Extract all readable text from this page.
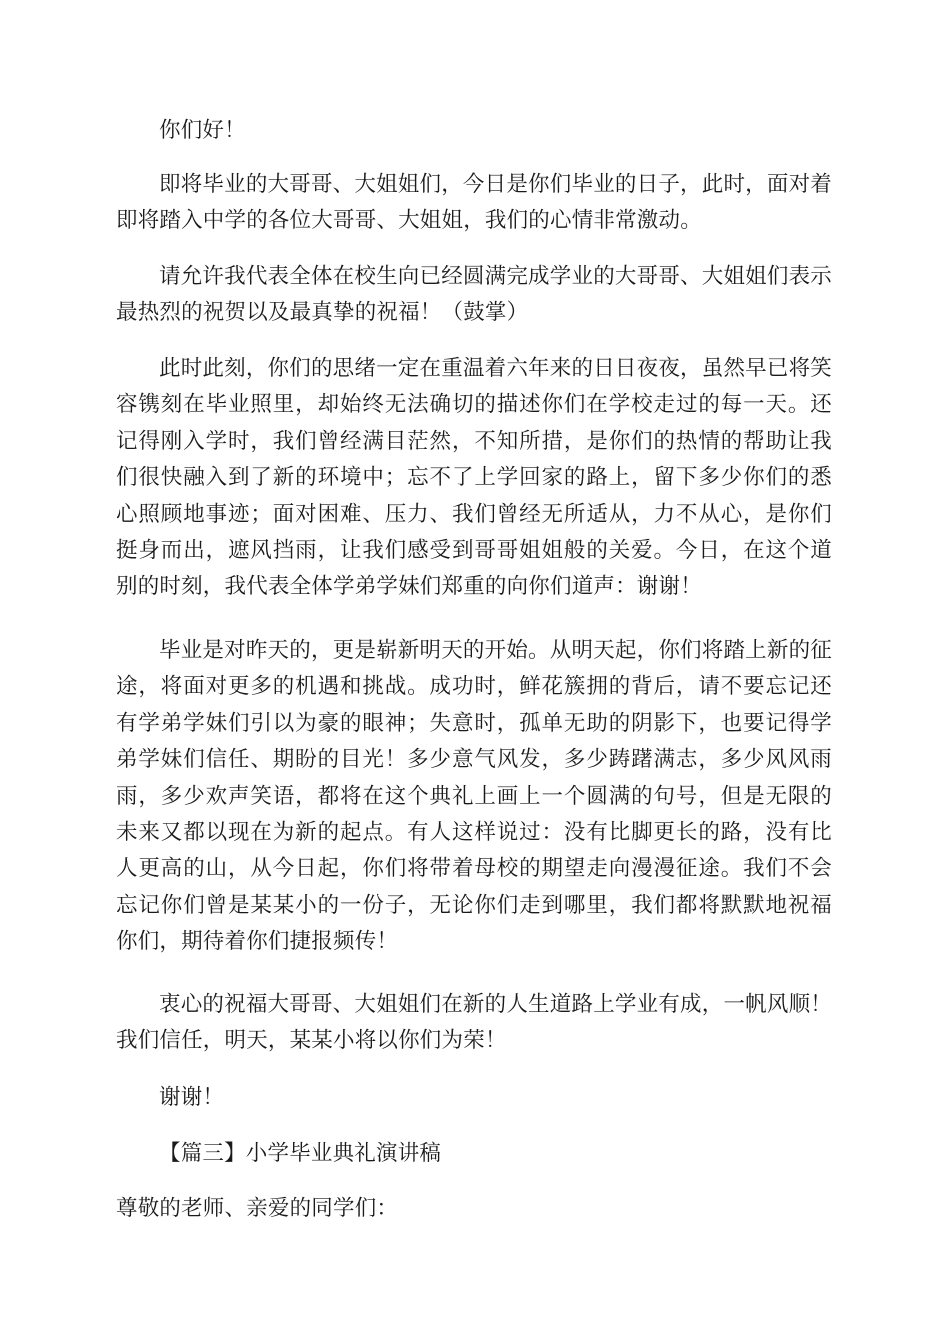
你们好！

即将毕业的大哥哥、大姐姐们，今日是你们毕业的日子，此时，面对着即将踏入中学的各位大哥哥、大姐姐，我们的心情非常激动。

请允许我代表全体在校生向已经圆满完成学业的大哥哥、大姐姐们表示最热烈的祝贺以及最真挚的祝福！（鼓掌）

此时此刻，你们的思绪一定在重温着六年来的日日夜夜，虽然早已将笑容镌刻在毕业照里，却始终无法确切的描述你们在学校走过的每一天。还记得刚入学时，我们曾经满目茫然，不知所措，是你们的热情的帮助让我们很快融入到了新的环境中；忘不了上学回家的路上，留下多少你们的悉心照顾地事迹；面对困难、压力、我们曾经无所适从，力不从心，是你们挺身而出，遮风挡雨，让我们感受到哥哥姐姐般的关爱。今日，在这个道别的时刻，我代表全体学弟学妹们郑重的向你们道声：谢谢！

毕业是对昨天的，更是崭新明天的开始。从明天起，你们将踏上新的征途，将面对更多的机遇和挑战。成功时，鲜花簇拥的背后，请不要忘记还有学弟学妹们引以为豪的眼神；失意时，孤单无助的阴影下，也要记得学弟学妹们信任、期盼的目光！多少意气风发，多少踌躇满志，多少风风雨雨，多少欢声笑语，都将在这个典礼上画上一个圆满的句号，但是无限的未来又都以现在为新的起点。有人这样说过：没有比脚更长的路，没有比人更高的山，从今日起，你们将带着母校的期望走向漫漫征途。我们不会忘记你们曾是某某小的一份子，无论你们走到哪里，我们都将默默地祝福你们，期待着你们捷报频传！

衷心的祝福大哥哥、大姐姐们在新的人生道路上学业有成，一帆风顺！我们信任，明天，某某小将以你们为荣！

谢谢！

【篇三】小学毕业典礼演讲稿

尊敬的老师、亲爱的同学们：
